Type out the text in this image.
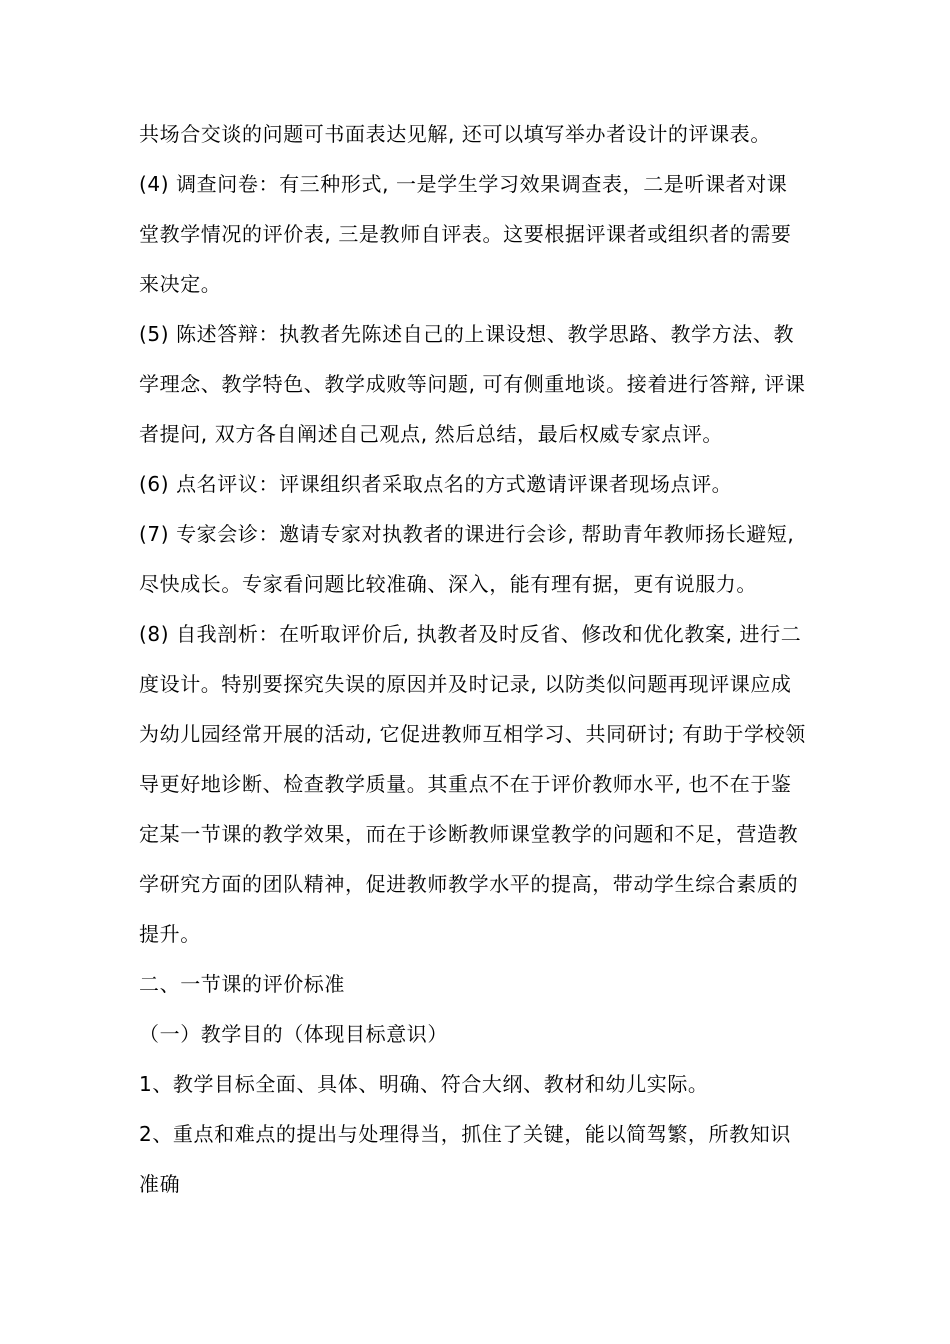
共场合交谈的问题可书面表达见解, 还可以填写举办者设计的评课表。
(4) 调查问卷：有三种形式, 一是学生学习效果调查表，二是听课者对课
堂教学情况的评价表, 三是教师自评表。这要根据评课者或组织者的需要
来决定。
(5) 陈述答辩：执教者先陈述自己的上课设想、教学思路、教学方法、教
学理念、教学特色、教学成败等问题, 可有侧重地谈。接着进行答辩, 评课
者提问, 双方各自阐述自己观点, 然后总结，最后权威专家点评。
(6) 点名评议：评课组织者采取点名的方式邀请评课者现场点评。
(7) 专家会诊：邀请专家对执教者的课进行会诊, 帮助青年教师扬长避短,
尽快成长。专家看问题比较准确、深入，能有理有据，更有说服力。
(8) 自我剖析：在听取评价后, 执教者及时反省、修改和优化教案, 进行二
度设计。特别要探究失误的原因并及时记录, 以防类似问题再现评课应成
为幼儿园经常开展的活动, 它促进教师互相学习、共同研讨; 有助于学校领
导更好地诊断、检查教学质量。其重点不在于评价教师水平, 也不在于鉴
定某一节课的教学效果，而在于诊断教师课堂教学的问题和不足，营造教
学研究方面的团队精神，促进教师教学水平的提高，带动学生综合素质的
提升。
二、一节课的评价标准
（一）教学目的（体现目标意识）
1、教学目标全面、具体、明确、符合大纲、教材和幼儿实际。
2、重点和难点的提出与处理得当，抓住了关键，能以简驾繁，所教知识
准确
